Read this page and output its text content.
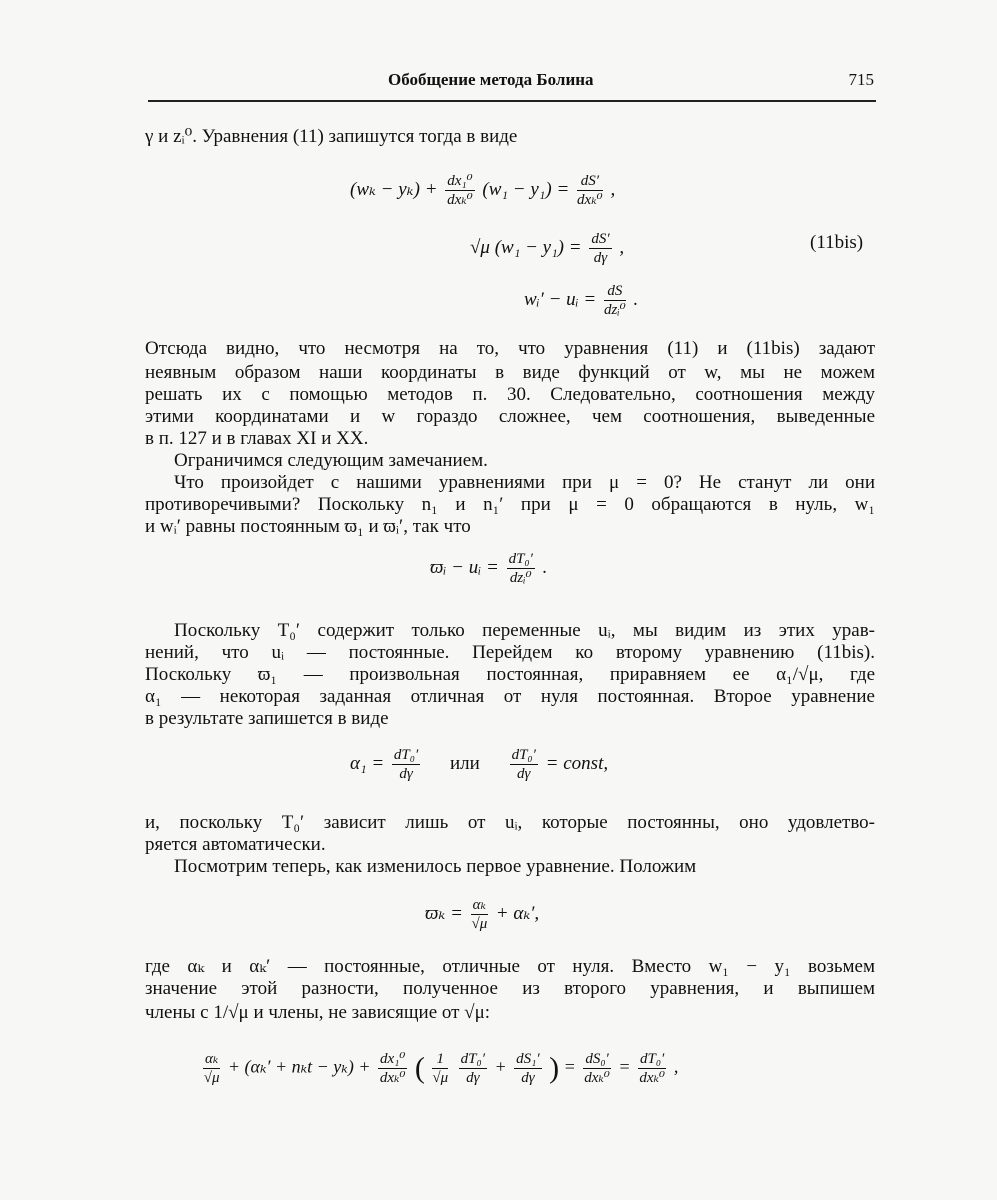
Обобщение метода Болина	715
γ и zᵢ⁰. Уравнения (11) запишутся тогда в виде
$(w_k - y_k) + \frac{\text{dx₁⁰}}{\text{dxₖ⁰}} (w_1 - y_1) = \frac{dS'}{\text{dxₖ⁰}}$ ,
√μ $(w_1 - y_1) = \frac{dS'}{d\gamma}$ ,	(11bis)
wᵢ′ − uᵢ = $\frac{dS}{\text{dzᵢ⁰}}$ .
Отсюда видно, что несмотря на то, что уравнения (11) и (11bis) задают
неявным образом наши координаты в виде функций от w, мы не можем
решать их с помощью методов п. 30. Следовательно, соотношения между
этими координатами и w гораздо сложнее, чем соотношения, выведенные
в п. 127 и в главах XI и XX.
Ограничимся следующим замечанием.
Что произойдет с нашими уравнениями при μ = 0? Не станут ли они
противоречивыми? Поскольку n₁ и n₁′ при μ = 0 обращаются в нуль, w₁
и wᵢ′ равны постоянным ϖ₁ и ϖᵢ′, так что
ϖᵢ − uᵢ = $\frac{\text{dT₀′}}{\text{dzᵢ⁰}}$ .
Поскольку T₀′ содержит только переменные uᵢ, мы видим из этих урав-
нений, что uᵢ — постоянные. Перейдем ко второму уравнению (11bis).
Поскольку ϖ₁ — произвольная постоянная, приравняем ее α₁/√μ, где
α₁ — некоторая заданная отличная от нуля постоянная. Второе уравнение
в результате запишется в виде
$\alpha_1 = \frac{\text{dT₀′}}{d\gamma}$ или $\frac{\text{dT₀′}}{d\gamma}$ = const,
и, поскольку T₀′ зависит лишь от uᵢ, которые постоянны, оно удовлетво-
ряется автоматически.
Посмотрим теперь, как изменилось первое уравнение. Положим
$ϖ_k = \frac{\text{αₖ}}{√\mu} + \alpha_k'$,
где αₖ и αₖ′ — постоянные, отличные от нуля. Вместо w₁ − y₁ возьмем
значение этой разности, полученное из второго уравнения, и выпишем
члены с 1/√μ и члены, не зависящие от √μ:
$\frac{\text{αₖ}}{√\mu} + (\alpha_k' + n_kt - y_k) + \frac{\text{dx₁⁰}}{\text{dxₖ⁰}}$ ( $\frac{1}{√\mu}$
$\frac{\text{dT₀′}}{d\gamma} + \frac{\text{dS₁′}}{d\gamma}$ ) = $\frac{\text{dS₀′}}{\text{dxₖ⁰}} = \frac{\text{dT₀′}}{\text{dxₖ⁰}}$ ,
